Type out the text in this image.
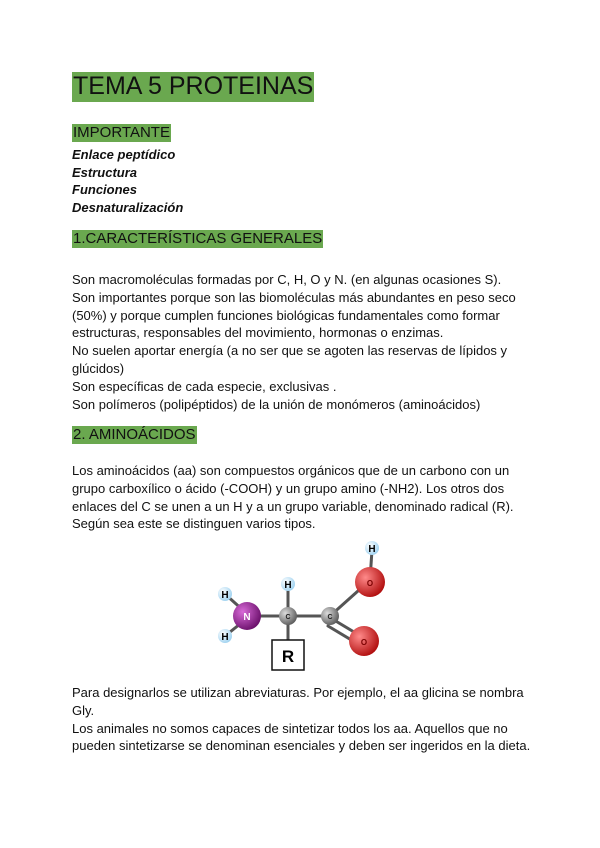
TEMA 5 PROTEINAS
IMPORTANTE
Enlace peptídico
Estructura
Funciones
Desnaturalización
1.CARACTERÍSTICAS GENERALES

Son macromoléculas formadas por C, H, O y N. (en algunas ocasiones S).

Son importantes porque son las biomoléculas más abundantes en peso seco (50%) y porque cumplen funciones biológicas fundamentales como formar estructuras, responsables del movimiento, hormonas o enzimas.

No suelen aportar energía (a no ser que se agoten las reservas de lípidos y glúcidos)

Son específicas de cada especie, exclusivas .

Son polímeros (polipéptidos) de la unión de monómeros (aminoácidos)

2. AMINOÁCIDOS

Los aminoácidos (aa) son compuestos orgánicos que de un carbono con un grupo carboxílico o ácido (-COOH) y un grupo amino (-NH2). Los otros dos enlaces del C se unen a un H y a un grupo variable, denominado radical (R). Según sea este se distinguen varios tipos.

H
H
H
H
N	C	C
O
O
R

Para designarlos se utilizan abreviaturas. Por ejemplo, el aa glicina se nombra Gly.

Los animales no somos capaces de sintetizar todos los aa. Aquellos que no pueden sintetizarse se denominan esenciales y deben ser ingeridos en la dieta.
